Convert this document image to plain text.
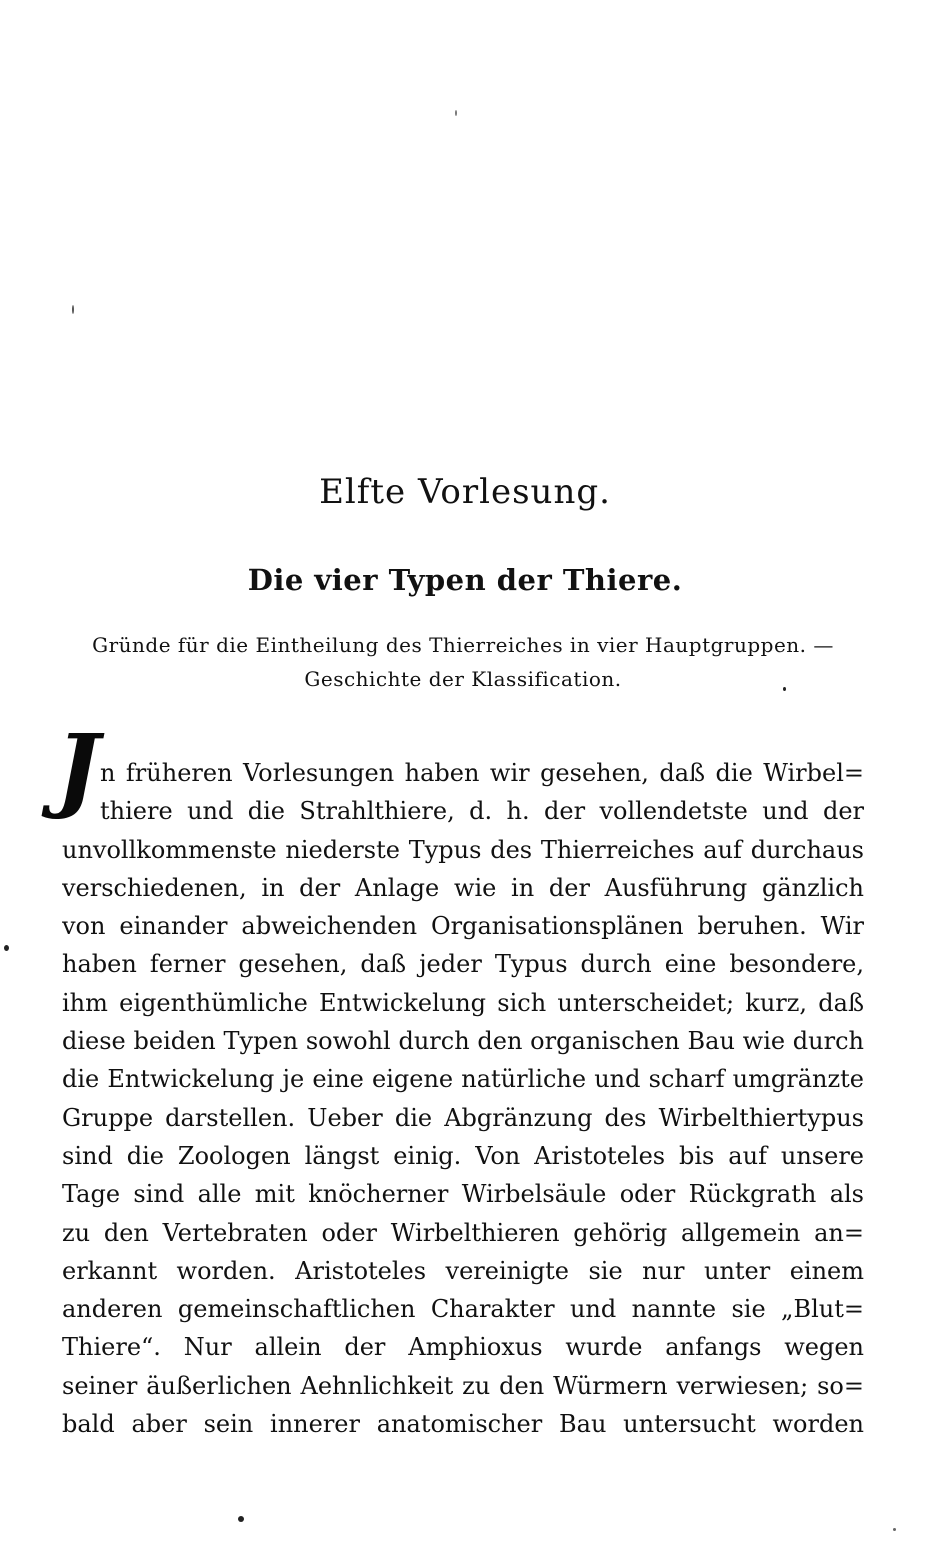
Elfte Vorlesung.
Die vier Typen der Thiere.
Gründe für die Eintheilung des Thierreiches in vier Hauptgruppen. —
Geschichte der Klassification.
J n früheren Vorlesungen haben wir gesehen, daß die Wirbel=
thiere und die Strahlthiere, d. h. der vollendetste und der
unvollkommenste niederste Typus des Thierreiches auf durchaus
verschiedenen, in der Anlage wie in der Ausführung gänzlich
von einander abweichenden Organisationsplänen beruhen. Wir
haben ferner gesehen, daß jeder Typus durch eine besondere,
ihm eigenthümliche Entwickelung sich unterscheidet; kurz, daß
diese beiden Typen sowohl durch den organischen Bau wie durch
die Entwickelung je eine eigene natürliche und scharf umgränzte
Gruppe darstellen. Ueber die Abgränzung des Wirbelthiertypus
sind die Zoologen längst einig. Von Aristoteles bis auf unsere
Tage sind alle mit knöcherner Wirbelsäule oder Rückgrath als
zu den Vertebraten oder Wirbelthieren gehörig allgemein an=
erkannt worden. Aristoteles vereinigte sie nur unter einem
anderen gemeinschaftlichen Charakter und nannte sie „Blut=
Thiere“. Nur allein der Amphioxus wurde anfangs wegen
seiner äußerlichen Aehnlichkeit zu den Würmern verwiesen; so=
bald aber sein innerer anatomischer Bau untersucht worden
